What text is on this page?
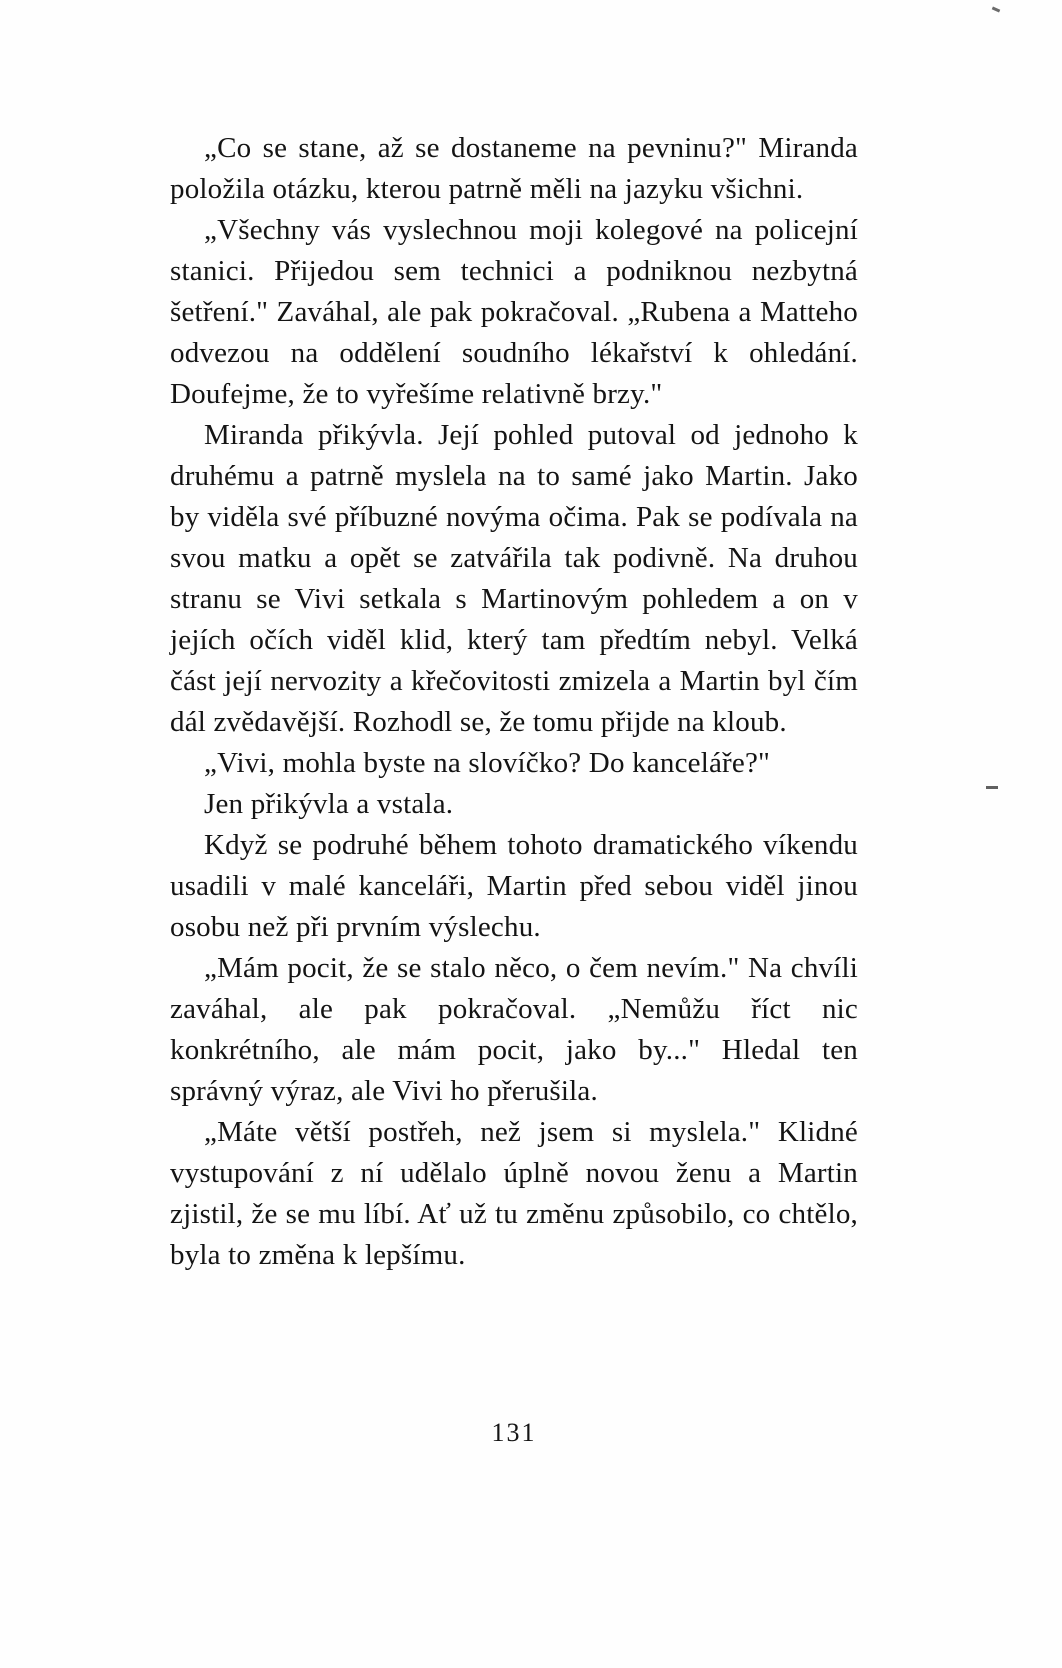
„Co se stane, až se dostaneme na pevninu?" Miranda položila otázku, kterou patrně měli na jazyku všichni.

„Všechny vás vyslechnou moji kolegové na policejní stanici. Přijedou sem technici a podniknou nezbytná šetření." Zaváhal, ale pak pokračoval. „Rubena a Matteho odvezou na oddělení soudního lékařství k ohledání. Doufejme, že to vyřešíme relativně brzy."

Miranda přikývla. Její pohled putoval od jednoho k druhému a patrně myslela na to samé jako Martin. Jako by viděla své příbuzné novýma očima. Pak se podívala na svou matku a opět se zatvářila tak podivně. Na druhou stranu se Vivi setkala s Martinovým pohledem a on v jejích očích viděl klid, který tam předtím nebyl. Velká část její nervozity a křečovitosti zmizela a Martin byl čím dál zvědavější. Rozhodl se, že tomu přijde na kloub.

„Vivi, mohla byste na slovíčko? Do kanceláře?"

Jen přikývla a vstala.

Když se podruhé během tohoto dramatického víkendu usadili v malé kanceláři, Martin před sebou viděl jinou osobu než při prvním výslechu.

„Mám pocit, že se stalo něco, o čem nevím." Na chvíli zaváhal, ale pak pokračoval. „Nemůžu říct nic konkrétního, ale mám pocit, jako by..." Hledal ten správný výraz, ale Vivi ho přerušila.

„Máte větší postřeh, než jsem si myslela." Klidné vystupování z ní udělalo úplně novou ženu a Martin zjistil, že se mu líbí. Ať už tu změnu způsobilo, co chtělo, byla to změna k lepšímu.

131
